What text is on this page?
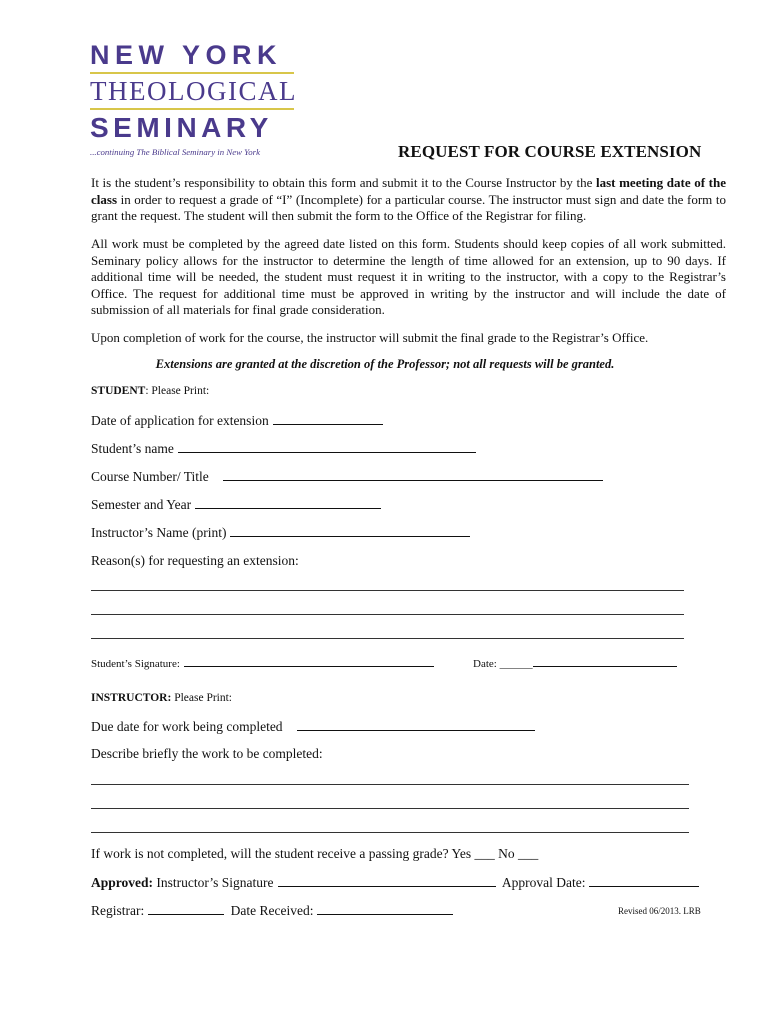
NEW YORK
THEOLOGICAL
SEMINARY
...continuing The Biblical Seminary in New York	REQUEST FOR COURSE EXTENSION
It is the student’s responsibility to obtain this form and submit it to the Course Instructor by the last meeting date of the class in order to request a grade of “I” (Incomplete) for a particular course. The instructor must sign and date the form to grant the request. The student will then submit the form to the Office of the Registrar for filing.
All work must be completed by the agreed date listed on this form. Students should keep copies of all work submitted. Seminary policy allows for the instructor to determine the length of time allowed for an extension, up to 90 days. If additional time will be needed, the student must request it in writing to the instructor, with a copy to the Registrar’s Office. The request for additional time must be approved in writing by the instructor and will include the date of submission of all materials for final grade consideration.
Upon completion of work for the course, the instructor will submit the final grade to the Registrar’s Office.
Extensions are granted at the discretion of the Professor; not all requests will be granted.
STUDENT: Please Print:
Date of application for extension
Student’s name
Course Number/ Title
Semester and Year
Instructor’s Name (print)
Reason(s) for requesting an extension:
Student’s Signature:	Date: ______
INSTRUCTOR: Please Print:
Due date for work being completed
Describe briefly the work to be completed:
If work is not completed, will the student receive a passing grade? Yes ___ No ___
Approved: Instructor’s Signature	Approval Date:
Registrar:	Date Received:	Revised 06/2013. LRB
